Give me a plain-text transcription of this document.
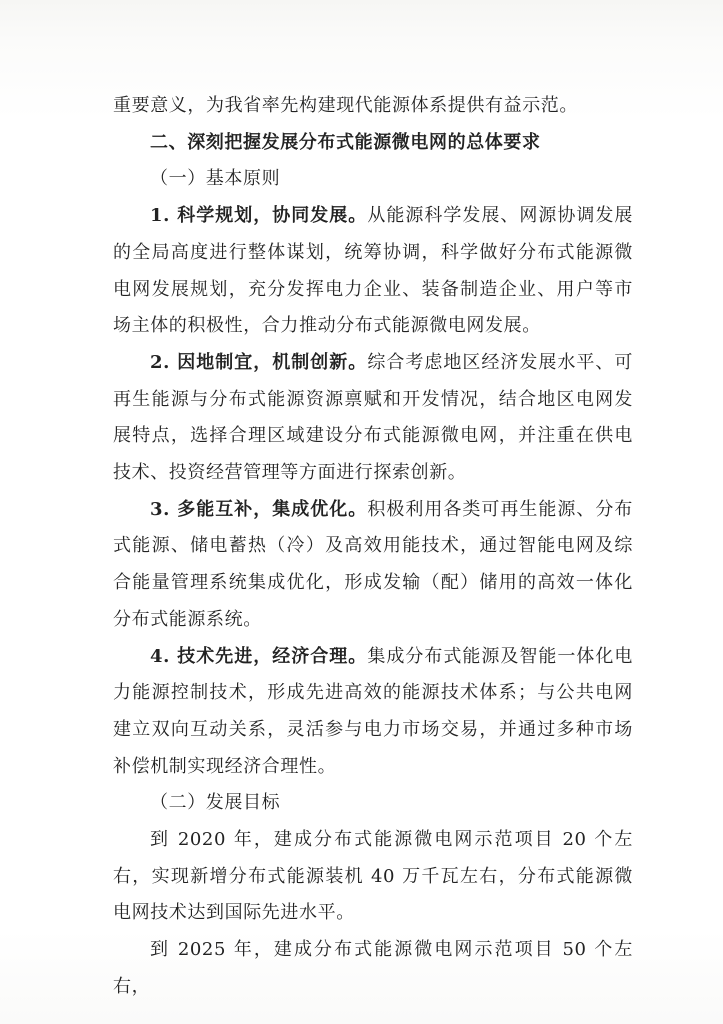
重要意义，为我省率先构建现代能源体系提供有益示范。

二、深刻把握发展分布式能源微电网的总体要求

（一）基本原则

1. 科学规划，协同发展。从能源科学发展、网源协调发展的全局高度进行整体谋划，统筹协调，科学做好分布式能源微电网发展规划，充分发挥电力企业、装备制造企业、用户等市场主体的积极性，合力推动分布式能源微电网发展。

2. 因地制宜，机制创新。综合考虑地区经济发展水平、可再生能源与分布式能源资源禀赋和开发情况，结合地区电网发展特点，选择合理区域建设分布式能源微电网，并注重在供电技术、投资经营管理等方面进行探索创新。

3. 多能互补，集成优化。积极利用各类可再生能源、分布式能源、储电蓄热（冷）及高效用能技术，通过智能电网及综合能量管理系统集成优化，形成发输（配）储用的高效一体化分布式能源系统。

4. 技术先进，经济合理。集成分布式能源及智能一体化电力能源控制技术，形成先进高效的能源技术体系；与公共电网建立双向互动关系，灵活参与电力市场交易，并通过多种市场补偿机制实现经济合理性。

（二）发展目标

到 2020 年，建成分布式能源微电网示范项目 20 个左右，实现新增分布式能源装机 40 万千瓦左右，分布式能源微电网技术达到国际先进水平。

到 2025 年，建成分布式能源微电网示范项目 50 个左右，
